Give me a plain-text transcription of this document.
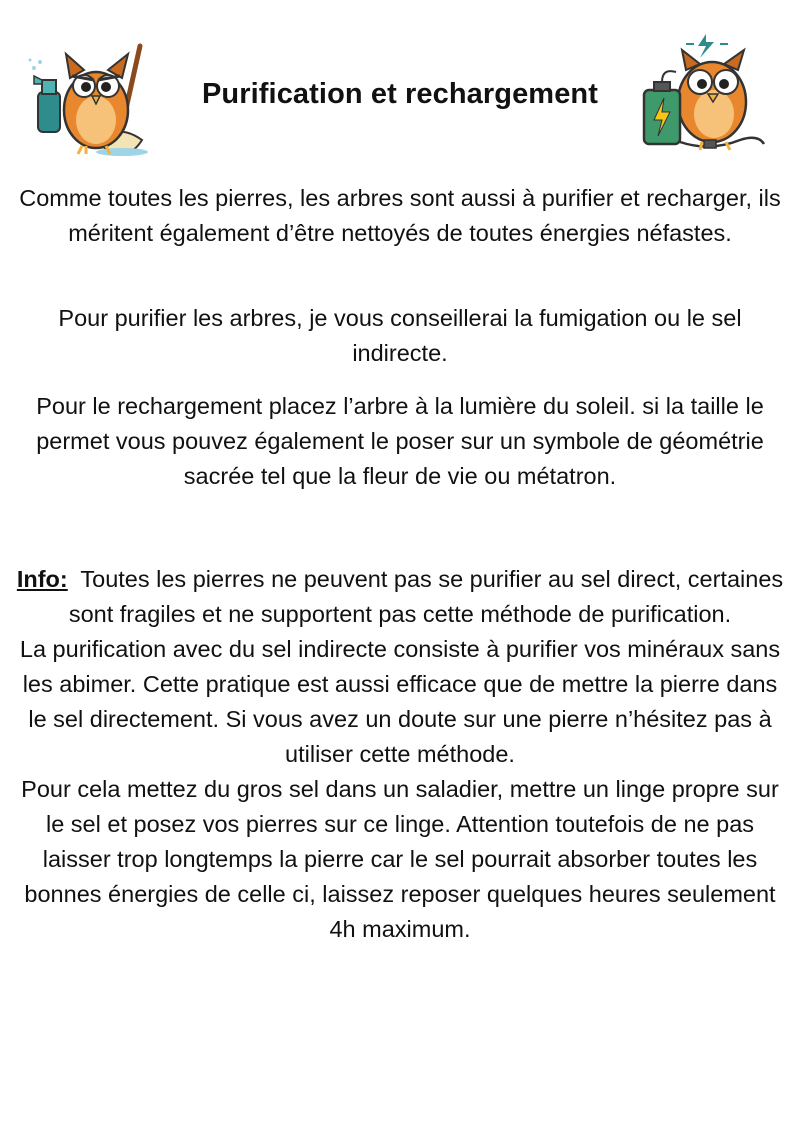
Purification et rechargement

Comme toutes les pierres, les arbres sont aussi à purifier et recharger, ils méritent également d’être nettoyés de toutes énergies néfastes.

Pour purifier les arbres, je vous conseillerai la fumigation ou le sel indirecte.

Pour le rechargement placez l’arbre à la lumière du soleil. si la taille le permet vous pouvez également le poser sur un symbole de géométrie sacrée tel que la fleur de vie ou métatron.

Info: Toutes les pierres ne peuvent pas se purifier au sel direct, certaines sont fragiles et ne supportent pas cette méthode de purification.

La purification avec du sel indirecte consiste à purifier vos minéraux sans les abimer. Cette pratique est aussi efficace que de mettre la pierre dans le sel directement. Si vous avez un doute sur une pierre n’hésitez pas à utiliser cette méthode.

Pour cela mettez du gros sel dans un saladier, mettre un linge propre sur le sel et posez vos pierres sur ce linge. Attention toutefois de ne pas laisser trop longtemps la pierre car le sel pourrait absorber toutes les bonnes énergies de celle ci, laissez reposer quelques heures seulement 4h maximum.
